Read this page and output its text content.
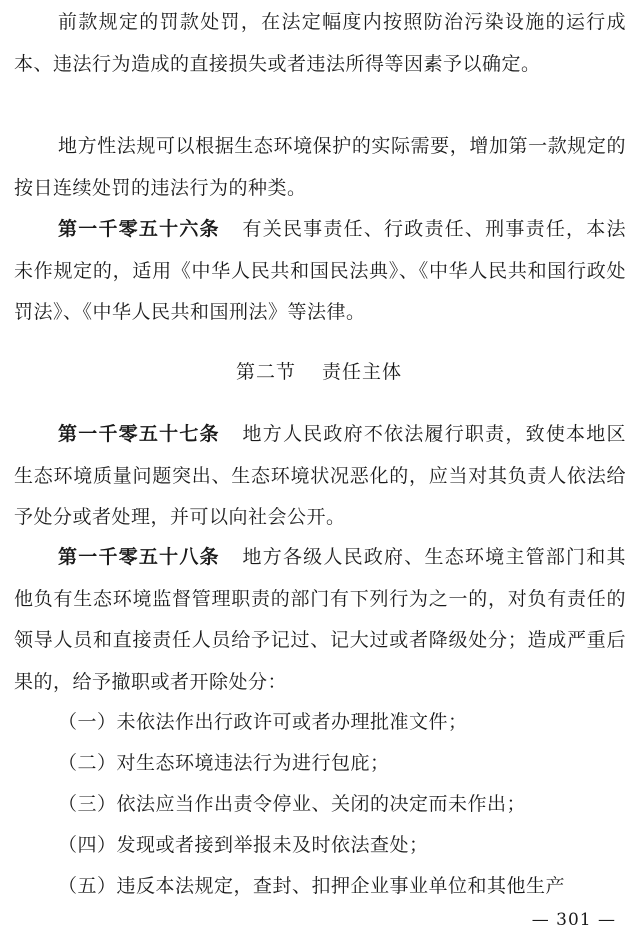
前款规定的罚款处罚，在法定幅度内按照防治污染设施的运行成本、违法行为造成的直接损失或者违法所得等因素予以确定。

地方性法规可以根据生态环境保护的实际需要，增加第一款规定的按日连续处罚的违法行为的种类。

第一千零五十六条 有关民事责任、行政责任、刑事责任，本法未作规定的，适用《中华人民共和国民法典》、《中华人民共和国行政处罚法》、《中华人民共和国刑法》等法律。

第二节 责任主体

第一千零五十七条 地方人民政府不依法履行职责，致使本地区生态环境质量问题突出、生态环境状况恶化的，应当对其负责人依法给予处分或者处理，并可以向社会公开。

第一千零五十八条 地方各级人民政府、生态环境主管部门和其他负有生态环境监督管理职责的部门有下列行为之一的，对负有责任的领导人员和直接责任人员给予记过、记大过或者降级处分；造成严重后果的，给予撤职或者开除处分：

（一）未依法作出行政许可或者办理批准文件；
（二）对生态环境违法行为进行包庇；
（三）依法应当作出责令停业、关闭的决定而未作出；
（四）发现或者接到举报未及时依法查处；
（五）违反本法规定，查封、扣押企业事业单位和其他生产
— 301 —
